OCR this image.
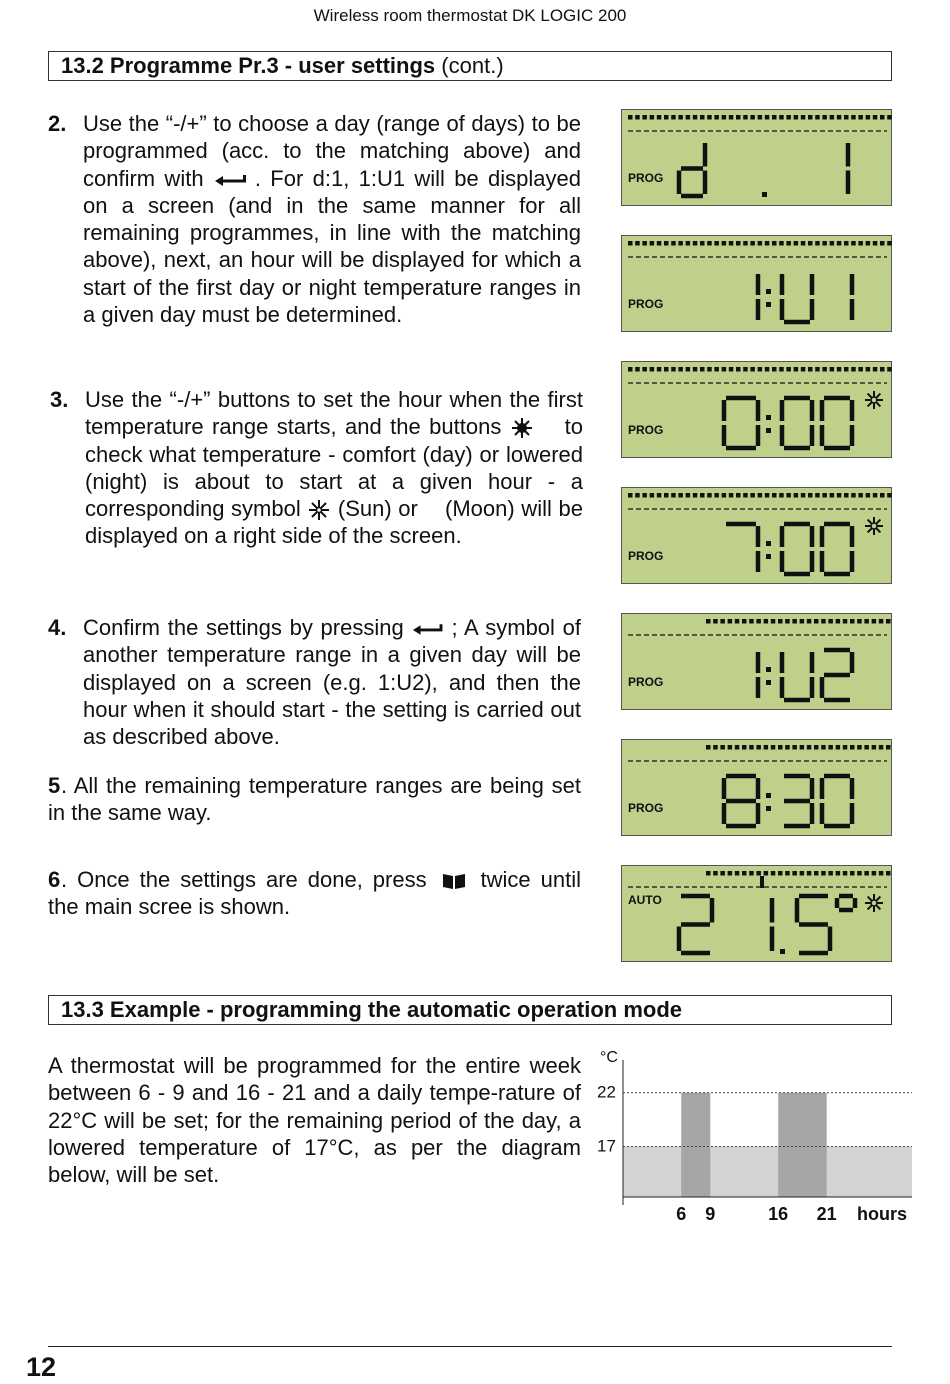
Wireless room thermostat DK LOGIC 200
13.2 Programme Pr.3 - user settings (cont.)
2. Use the “-/+” to choose a day (range of days) to be programmed (acc. to the matching above) and confirm with . For d:1, 1:U1 will be displayed on a screen (and in the same manner for all remaining programmes, in line with the matching above), next, an hour will be displayed for which a start of the first day or night temperature ranges in a given day must be determined.
3. Use the “-/+” buttons to set the hour when the first temperature range starts, and the buttons	to check what temperature - comfort (day) or lowered (night) is about to start at a given hour - a corresponding symbol (Sun) or (Moon) will be displayed on a right side of the screen.
4. Confirm the settings by pressing ; A symbol of another temperature range in a given day will be displayed on a screen (e.g. 1:U2), and then the hour when it should start - the setting is carried out as described above.
5 . All the remaining temperature ranges are being set in the same way.
6 . Once the settings are done, press twice until the main scree is shown.
PROG
PROG
PROG
PROG
PROG
PROG
AUTO
13.3 Example - programming the automatic operation mode
A thermostat will be programmed for the entire week between 6 - 9 and 16 - 21 and a daily tempe-rature of 22°C will be set; for the remaining period of the day, a lowered temperature of 17°C, as per the diagram below, will be set.
°C
22
17
6 9	16 21 hours
12
